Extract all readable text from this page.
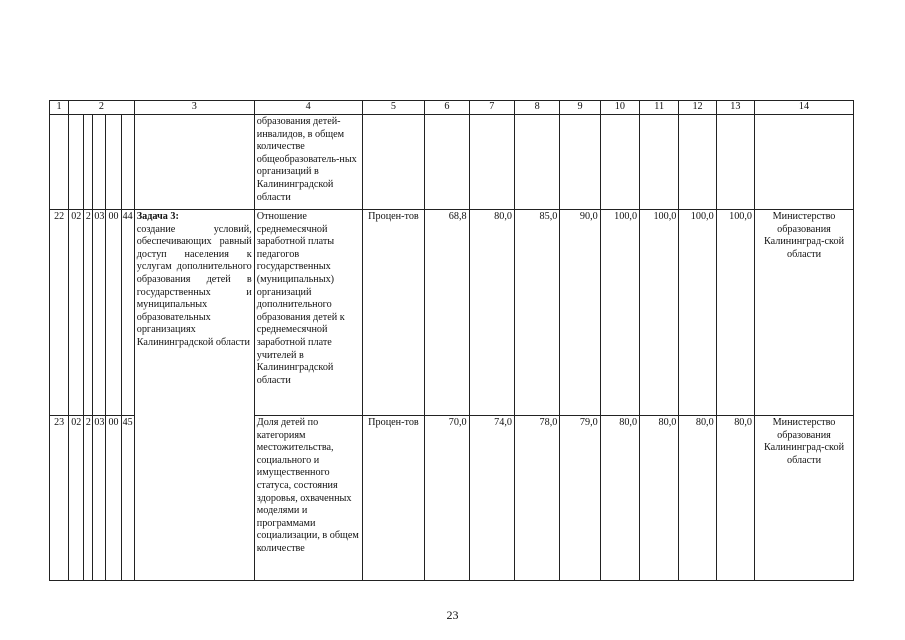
1	2					3	4	5	6	7	8	9	10	11	12	13	14
							образования детей-инвалидов, в общем количестве общеобразователь-ных организаций в Калининградской области										
22	02	2	03	00	44	Задача 3:
создание условий, обеспечивающих равный доступ населения к услугам дополнительного образования детей в государственных и муниципальных образовательных организациях Калининградской области	Отношение среднемесячной заработной платы педагогов государственных (муниципальных) организаций дополнительного образования детей к среднемесячной заработной плате учителей в Калининградской области	Процен-тов	68,8	80,0	85,0	90,0	100,0	100,0	100,0	100,0	Министерство образования Калинингрaд-ской области
23	02	2	03	00	45		Доля детей по категориям местожительства, социального и имущественного статуса, состояния здоровья, охваченных моделями и программами социализации, в общем количестве	Процен-тов	70,0	74,0	78,0	79,0	80,0	80,0	80,0	80,0	Министерство образования Калинингрaд-ской области
23
